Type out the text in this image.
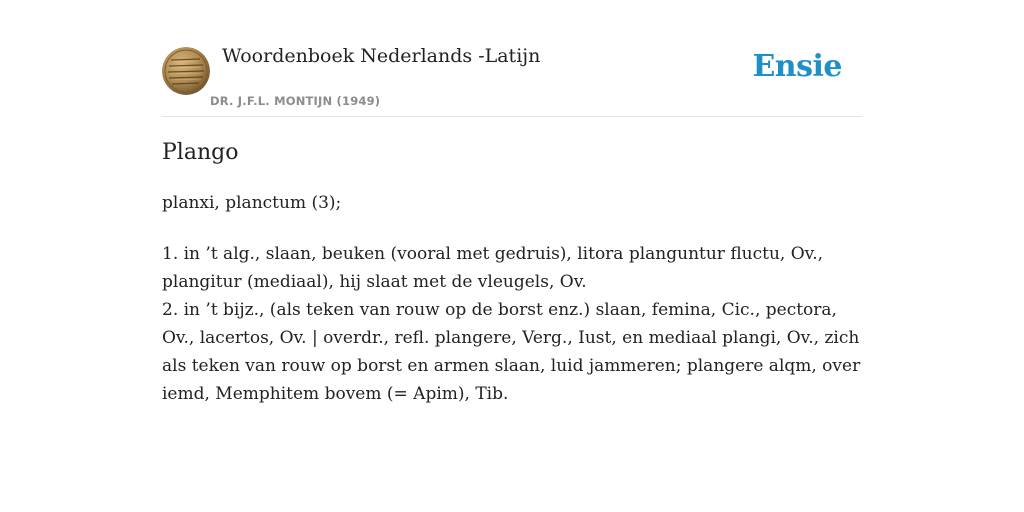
Woordenboek Nederlands -Latijn
DR. J.F.L. MONTIJN (1949)
Ensie
Plango

planxi, planctum (3);

1. in ’t alg., slaan, beuken (vooral met gedruis), litora planguntur fluctu, Ov., plangitur (mediaal), hij slaat met de vleugels, Ov.
2. in ’t bijz., (als teken van rouw op de borst enz.) slaan, femina, Cic., pectora, Ov., lacertos, Ov. | overdr., refl. plangere, Verg., Iust, en mediaal plangi, Ov., zich als teken van rouw op borst en armen slaan, luid jammeren; plangere alqm, over iemd, Memphitem bovem (= Apim), Tib.
